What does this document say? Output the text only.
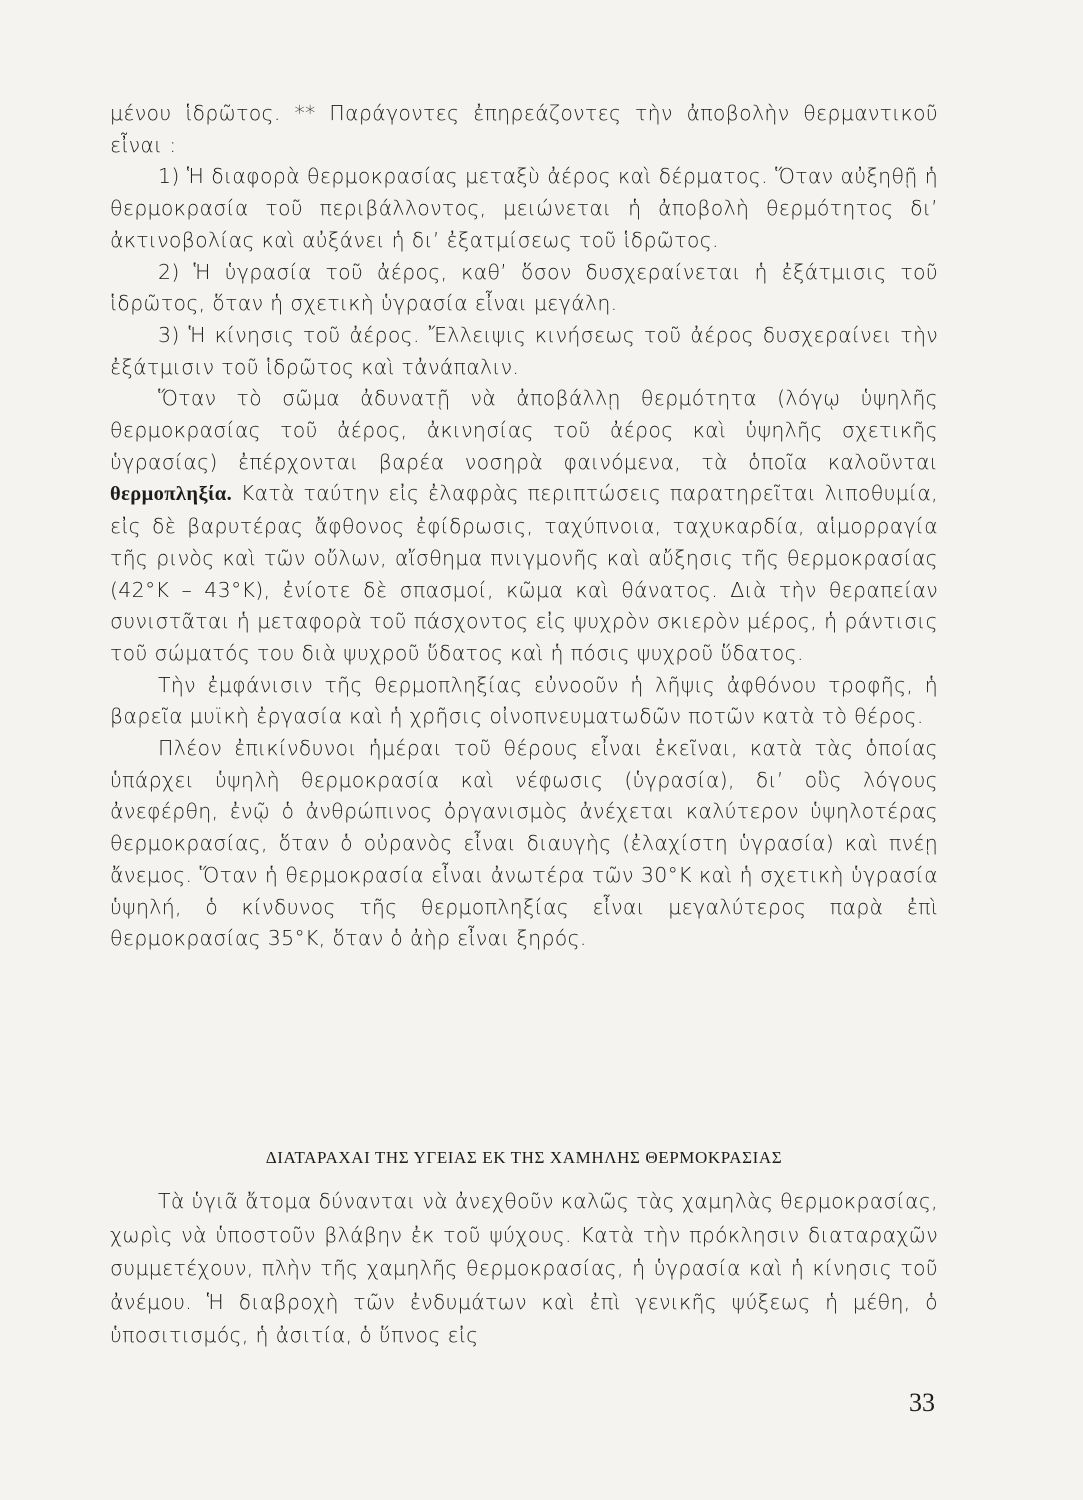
μένου ἱδρῶτος. ** Παράγοντες ἐπηρεάζοντες τὴν ἀποβολὴν θερμαντικοῦ εἶναι :

1) Ἡ διαφορὰ θερμοκρασίας μεταξὺ ἀέρος καὶ δέρματος. Ὅταν αὐξηθῇ ἡ θερμοκρασία τοῦ περιβάλλοντος, μειώνεται ἡ ἀποβολὴ θερμότητος δι’ ἀκτινοβολίας καὶ αὐξάνει ἡ δι’ ἐξατμίσεως τοῦ ἱδρῶτος.

2) Ἡ ὑγρασία τοῦ ἀέρος, καθ’ ὅσον δυσχεραίνεται ἡ ἐξάτμισις τοῦ ἱδρῶτος, ὅταν ἡ σχετικὴ ὑγρασία εἶναι μεγάλη.

3) Ἡ κίνησις τοῦ ἀέρος. Ἔλλειψις κινήσεως τοῦ ἀέρος δυσχεραίνει τὴν ἐξάτμισιν τοῦ ἱδρῶτος καὶ τἀνάπαλιν.

Ὅταν τὸ σῶμα ἀδυνατῇ νὰ ἀποβάλλῃ θερμότητα (λόγῳ ὑψηλῆς θερμοκρασίας τοῦ ἀέρος, ἀκινησίας τοῦ ἀέρος καὶ ὑψηλῆς σχετικῆς ὑγρασίας) ἐπέρχονται βαρέα νοσηρὰ φαινόμενα, τὰ ὁποῖα καλοῦνται θερμοπληξία. Κατὰ ταύτην εἰς ἐλαφρὰς περιπτώσεις παρατηρεῖται λιποθυμία, εἰς δὲ βαρυτέρας ἄφθονος ἐφίδρωσις, ταχύπνοια, ταχυκαρδία, αἱμορραγία τῆς ρινὸς καὶ τῶν οὔλων, αἴσθημα πνιγμονῆς καὶ αὔξησις τῆς θερμοκρασίας (42°Κ – 43°Κ), ἐνίοτε δὲ σπασμοί, κῶμα καὶ θάνατος. Διὰ τὴν θεραπείαν συνιστᾶται ἡ μεταφορὰ τοῦ πάσχοντος εἰς ψυχρὸν σκιερὸν μέρος, ἡ ράντισις τοῦ σώματός του διὰ ψυχροῦ ὕδατος καὶ ἡ πόσις ψυχροῦ ὕδατος.

Τὴν ἐμφάνισιν τῆς θερμοπληξίας εὐνοοῦν ἡ λῆψις ἀφθόνου τροφῆς, ἡ βαρεῖα μυϊκὴ ἐργασία καὶ ἡ χρῆσις οἰνοπνευματωδῶν ποτῶν κατὰ τὸ θέρος.

Πλέον ἐπικίνδυνοι ἡμέραι τοῦ θέρους εἶναι ἐκεῖναι, κατὰ τὰς ὁποίας ὑπάρχει ὑψηλὴ θερμοκρασία καὶ νέφωσις (ὑγρασία), δι’ οὓς λόγους ἀνεφέρθη, ἐνῷ ὁ ἀνθρώπινος ὀργανισμὸς ἀνέχεται καλύτερον ὑψηλοτέρας θερμοκρασίας, ὅταν ὁ οὐρανὸς εἶναι διαυγὴς (ἐλαχίστη ὑγρασία) καὶ πνέῃ ἄνεμος. Ὅταν ἡ θερμοκρασία εἶναι ἀνωτέρα τῶν 30°Κ καὶ ἡ σχετικὴ ὑγρασία ὑψηλή, ὁ κίνδυνος τῆς θερμοπληξίας εἶναι μεγαλύτερος παρὰ ἐπὶ θερμοκρασίας 35°Κ, ὅταν ὁ ἀὴρ εἶναι ξηρός.

ΔΙΑΤΑΡΑΧΑΙ ΤΗΣ ΥΓΕΙΑΣ ΕΚ ΤΗΣ ΧΑΜΗΛΗΣ ΘΕΡΜΟΚΡΑΣΙΑΣ

Τὰ ὑγιᾶ ἄτομα δύνανται νὰ ἀνεχθοῦν καλῶς τὰς χαμηλὰς θερμοκρασίας, χωρὶς νὰ ὑποστοῦν βλάβην ἐκ τοῦ ψύχους. Κατὰ τὴν πρόκλησιν διαταραχῶν συμμετέχουν, πλὴν τῆς χαμηλῆς θερμοκρασίας, ἡ ὑγρασία καὶ ἡ κίνησις τοῦ ἀνέμου. Ἡ διαβροχὴ τῶν ἐνδυμάτων καὶ ἐπὶ γενικῆς ψύξεως ἡ μέθη, ὁ ὑποσιτισμός, ἡ ἀσιτία, ὁ ὕπνος εἰς

33
